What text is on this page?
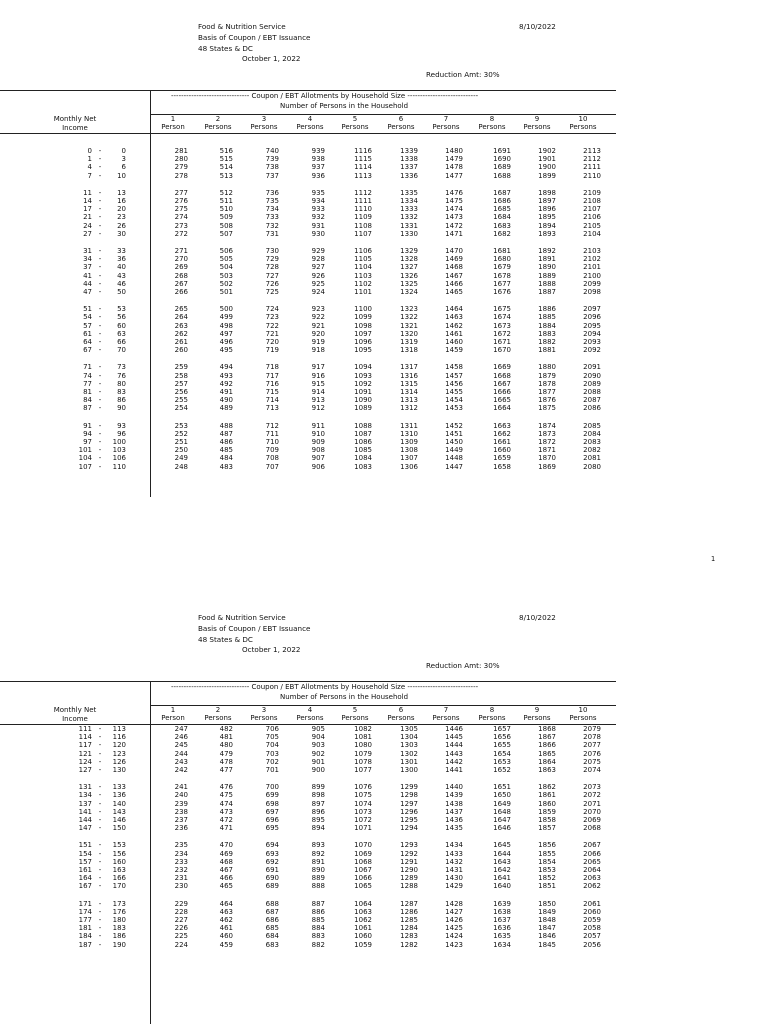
Food & Nutrition Service
Basis of Coupon / EBT Issuance
48 States & DC
October 1, 2022
8/10/2022
Reduction Amt: 30%
1
------------------------------- Coupon / EBT Allotments by Household Size ----------------------------
Number of Persons in the Household
Monthly Net
Income
1
Person
2
Persons
3
Persons
4
Persons
5
Persons
6
Persons
7
Persons
8
Persons
9
Persons
10
Persons
0 -	0	281	516	740	939	1116	1339	1480	1691	1902	2113
1 -	3	280	515	739	938	1115	1338	1479	1690	1901	2112
4 -	6	279	514	738	937	1114	1337	1478	1689	1900	2111
7 - 10	278	513	737	936	1113	1336	1477	1688	1899	2110
11 - 13	277	512	736	935	1112	1335	1476	1687	1898	2109
14 - 16	276	511	735	934	1111	1334	1475	1686	1897	2108
17 - 20	275	510	734	933	1110	1333	1474	1685	1896	2107
21 - 23	274	509	733	932	1109	1332	1473	1684	1895	2106
24 - 26	273	508	732	931	1108	1331	1472	1683	1894	2105
27 - 30	272	507	731	930	1107	1330	1471	1682	1893	2104
31 - 33	271	506	730	929	1106	1329	1470	1681	1892	2103
34 - 36	270	505	729	928	1105	1328	1469	1680	1891	2102
37 - 40	269	504	728	927	1104	1327	1468	1679	1890	2101
41 - 43	268	503	727	926	1103	1326	1467	1678	1889	2100
44 - 46	267	502	726	925	1102	1325	1466	1677	1888	2099
47 - 50	266	501	725	924	1101	1324	1465	1676	1887	2098
51 - 53	265	500	724	923	1100	1323	1464	1675	1886	2097
54 - 56	264	499	723	922	1099	1322	1463	1674	1885	2096
57 - 60	263	498	722	921	1098	1321	1462	1673	1884	2095
61 - 63	262	497	721	920	1097	1320	1461	1672	1883	2094
64 - 66	261	496	720	919	1096	1319	1460	1671	1882	2093
67 - 70	260	495	719	918	1095	1318	1459	1670	1881	2092
71 - 73	259	494	718	917	1094	1317	1458	1669	1880	2091
74 - 76	258	493	717	916	1093	1316	1457	1668	1879	2090
77 - 80	257	492	716	915	1092	1315	1456	1667	1878	2089
81 - 83	256	491	715	914	1091	1314	1455	1666	1877	2088
84 - 86	255	490	714	913	1090	1313	1454	1665	1876	2087
87 - 90	254	489	713	912	1089	1312	1453	1664	1875	2086
91 - 93	253	488	712	911	1088	1311	1452	1663	1874	2085
94 - 96	252	487	711	910	1087	1310	1451	1662	1873	2084
97 - 100	251	486	710	909	1086	1309	1450	1661	1872	2083
101 - 103	250	485	709	908	1085	1308	1449	1660	1871	2082
104 - 106	249	484	708	907	1084	1307	1448	1659	1870	2081
107 - 110	248	483	707	906	1083	1306	1447	1658	1869	2080
Food & Nutrition Service
Basis of Coupon / EBT Issuance
48 States & DC
October 1, 2022
8/10/2022
Reduction Amt: 30%
------------------------------- Coupon / EBT Allotments by Household Size ----------------------------
Number of Persons in the Household
Monthly Net
Income
1
Person
2
Persons
3
Persons
4
Persons
5
Persons
6
Persons
7
Persons
8
Persons
9
Persons
10
Persons
111 - 113	247	482	706	905	1082	1305	1446	1657	1868	2079
114 - 116	246	481	705	904	1081	1304	1445	1656	1867	2078
117 - 120	245	480	704	903	1080	1303	1444	1655	1866	2077
121 - 123	244	479	703	902	1079	1302	1443	1654	1865	2076
124 - 126	243	478	702	901	1078	1301	1442	1653	1864	2075
127 - 130	242	477	701	900	1077	1300	1441	1652	1863	2074
131 - 133	241	476	700	899	1076	1299	1440	1651	1862	2073
134 - 136	240	475	699	898	1075	1298	1439	1650	1861	2072
137 - 140	239	474	698	897	1074	1297	1438	1649	1860	2071
141 - 143	238	473	697	896	1073	1296	1437	1648	1859	2070
144 - 146	237	472	696	895	1072	1295	1436	1647	1858	2069
147 - 150	236	471	695	894	1071	1294	1435	1646	1857	2068
151 - 153	235	470	694	893	1070	1293	1434	1645	1856	2067
154 - 156	234	469	693	892	1069	1292	1433	1644	1855	2066
157 - 160	233	468	692	891	1068	1291	1432	1643	1854	2065
161 - 163	232	467	691	890	1067	1290	1431	1642	1853	2064
164 - 166	231	466	690	889	1066	1289	1430	1641	1852	2063
167 - 170	230	465	689	888	1065	1288	1429	1640	1851	2062
171 - 173	229	464	688	887	1064	1287	1428	1639	1850	2061
174 - 176	228	463	687	886	1063	1286	1427	1638	1849	2060
177 - 180	227	462	686	885	1062	1285	1426	1637	1848	2059
181 - 183	226	461	685	884	1061	1284	1425	1636	1847	2058
184 - 186	225	460	684	883	1060	1283	1424	1635	1846	2057
187 - 190	224	459	683	882	1059	1282	1423	1634	1845	2056
